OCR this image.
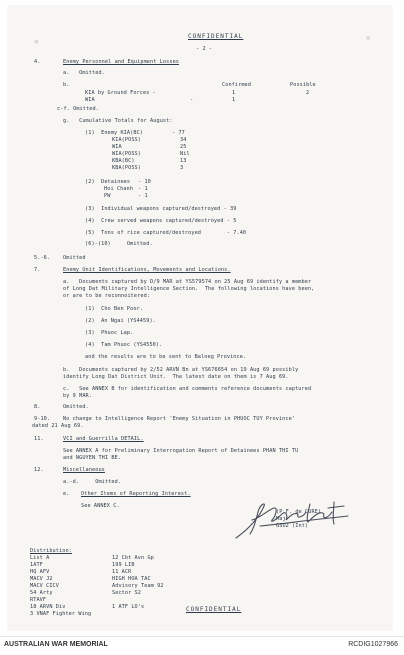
CONFIDENTIAL
- 2 -
⊕	⊗
4.	Enemy Personnel and Equipment Losses
a.   Omitted.
b.	Confirmed	Possible
KIA by Ground Forces -	1	2
WIA	-	1
c-f. Omitted.
g.   Cumulative Totals for August:
(1)  Enemy KIA(BC)	- 77
KIA(POSS)	34
WIA	25
WIA(POSS)	Nil
KBA(BC)	13
KBA(POSS)	3
(2)  Detainees - 10
Hoi Chanh - 1
PW	- 1
(3)  Individual weapons captured/destroyed - 39
(4)  Crew served weapons captured/destroyed - 5
(5)  Tons of rice captured/destroyed        - 7.40
(6)-(10)     Omitted.
5.-6. Omitted
7.	Enemy Unit Identifications, Movements and Locations.
a.   Documents captured by D/9 MAR at YS579574 on 25 Aug 69 identify a member
of Long Dat Military Intelligence Section.  The following locations have been,
or are to be reconnoitered:
(1)  Cho Ben Poor.
(2)  An Ngai (YS4459).
(3)  Phuoc Lap.
(4)  Tam Phuoc (YS4550).
and the results are to be sent to Baloeg Province.
b.   Documents captured by 2/52 ARVN Bn at YS676654 on 19 Aug 69 possibly
identify Long Dat District Unit.  The latest date on them is 7 Aug 69.
c.   See ANNEX B for identification and comments reference documents captured
by 9 MAR.
8.	Omitted.
9-10. No change to Intelligence Report 'Enemy Situation in PHUOC TUY Province'
dated 21 Aug 69.
11.	VCI and Guerrilla DETAIL.
See ANNEX A for Preliminary Interrogation Report of Detainees PHAN THI TU
and NGUYEN THI BE.
12.	Miscellaneous
a.-d.     Omitted.
e. Other Items of Reporting Interest.
See ANNEX C.
(P.F. de CURE)
Maj
GSO2 (Int)
Distribution:
List A
1ATF
HQ AFV
MACV J2
MACV CICV
54 Arty
RTAVF
18 ARVN Div
3 VNAF Fighter Wing
12 Cbt Avn Gp
199 LIB
11 ACR
HIGH HOA TAC
Advisory Team 92
Sector S2
1 ATF LO's	CONFIDENTIAL
AUSTRALIAN WAR MEMORIAL	RCDIG1027966
